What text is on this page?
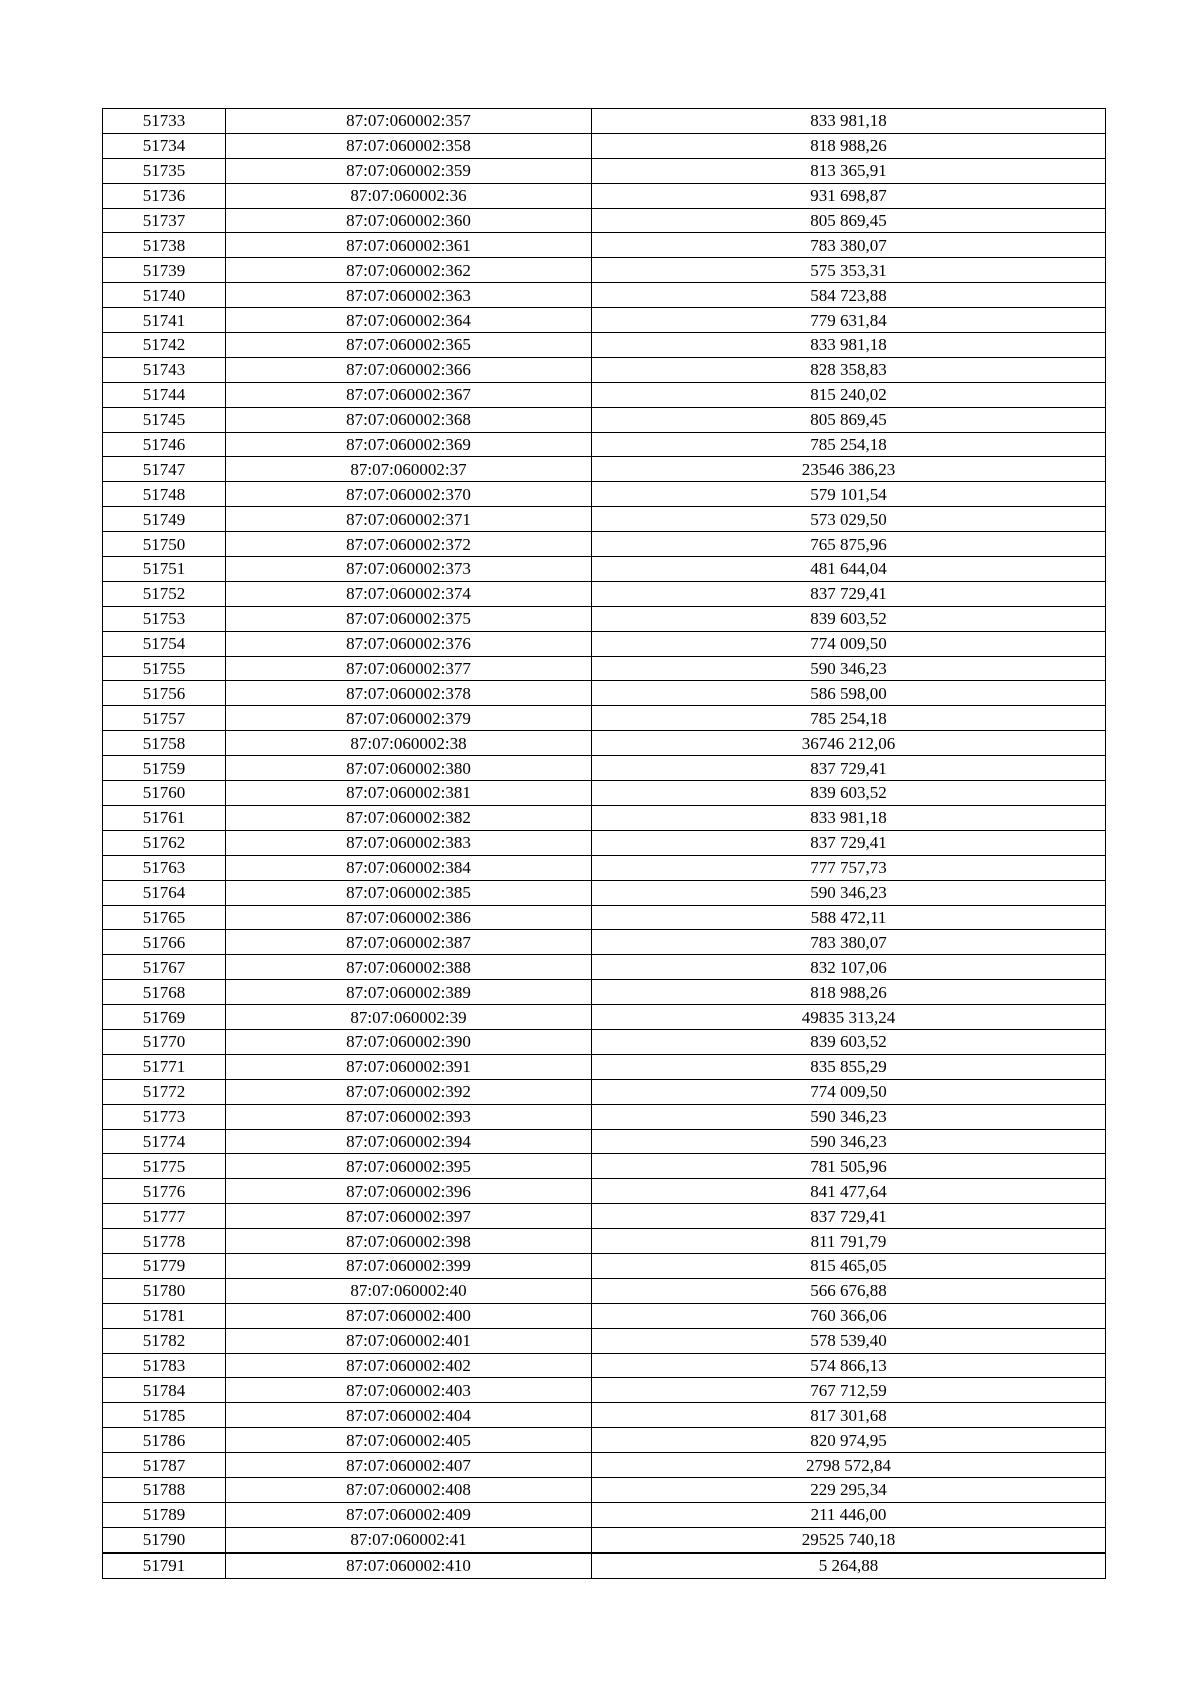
51733	87:07:060002:357	833 981,18
51734	87:07:060002:358	818 988,26
51735	87:07:060002:359	813 365,91
51736	87:07:060002:36	931 698,87
51737	87:07:060002:360	805 869,45
51738	87:07:060002:361	783 380,07
51739	87:07:060002:362	575 353,31
51740	87:07:060002:363	584 723,88
51741	87:07:060002:364	779 631,84
51742	87:07:060002:365	833 981,18
51743	87:07:060002:366	828 358,83
51744	87:07:060002:367	815 240,02
51745	87:07:060002:368	805 869,45
51746	87:07:060002:369	785 254,18
51747	87:07:060002:37	23546 386,23
51748	87:07:060002:370	579 101,54
51749	87:07:060002:371	573 029,50
51750	87:07:060002:372	765 875,96
51751	87:07:060002:373	481 644,04
51752	87:07:060002:374	837 729,41
51753	87:07:060002:375	839 603,52
51754	87:07:060002:376	774 009,50
51755	87:07:060002:377	590 346,23
51756	87:07:060002:378	586 598,00
51757	87:07:060002:379	785 254,18
51758	87:07:060002:38	36746 212,06
51759	87:07:060002:380	837 729,41
51760	87:07:060002:381	839 603,52
51761	87:07:060002:382	833 981,18
51762	87:07:060002:383	837 729,41
51763	87:07:060002:384	777 757,73
51764	87:07:060002:385	590 346,23
51765	87:07:060002:386	588 472,11
51766	87:07:060002:387	783 380,07
51767	87:07:060002:388	832 107,06
51768	87:07:060002:389	818 988,26
51769	87:07:060002:39	49835 313,24
51770	87:07:060002:390	839 603,52
51771	87:07:060002:391	835 855,29
51772	87:07:060002:392	774 009,50
51773	87:07:060002:393	590 346,23
51774	87:07:060002:394	590 346,23
51775	87:07:060002:395	781 505,96
51776	87:07:060002:396	841 477,64
51777	87:07:060002:397	837 729,41
51778	87:07:060002:398	811 791,79
51779	87:07:060002:399	815 465,05
51780	87:07:060002:40	566 676,88
51781	87:07:060002:400	760 366,06
51782	87:07:060002:401	578 539,40
51783	87:07:060002:402	574 866,13
51784	87:07:060002:403	767 712,59
51785	87:07:060002:404	817 301,68
51786	87:07:060002:405	820 974,95
51787	87:07:060002:407	2798 572,84
51788	87:07:060002:408	229 295,34
51789	87:07:060002:409	211 446,00
51790	87:07:060002:41	29525 740,18
51791	87:07:060002:410	5 264,88
